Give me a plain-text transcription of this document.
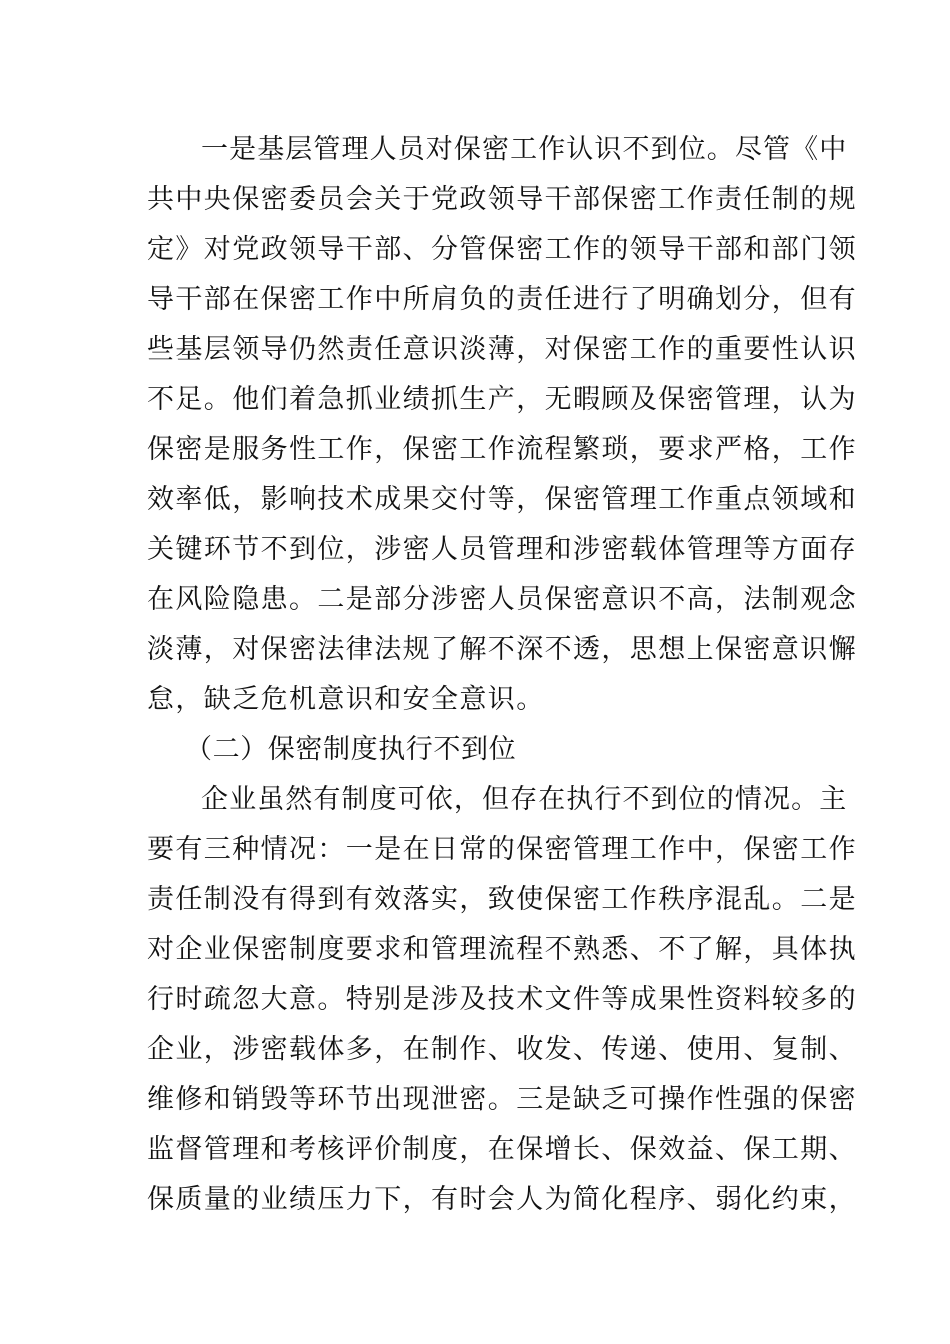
一是基层管理人员对保密工作认识不到位。尽管《中
共中央保密委员会关于党政领导干部保密工作责任制的规
定》对党政领导干部、分管保密工作的领导干部和部门领
导干部在保密工作中所肩负的责任进行了明确划分，但有
些基层领导仍然责任意识淡薄，对保密工作的重要性认识
不足。他们着急抓业绩抓生产，无暇顾及保密管理，认为
保密是服务性工作，保密工作流程繁琐，要求严格，工作
效率低，影响技术成果交付等，保密管理工作重点领域和
关键环节不到位，涉密人员管理和涉密载体管理等方面存
在风险隐患。二是部分涉密人员保密意识不高，法制观念
淡薄，对保密法律法规了解不深不透，思想上保密意识懈
怠，缺乏危机意识和安全意识。
（二）保密制度执行不到位
企业虽然有制度可依，但存在执行不到位的情况。主
要有三种情况：一是在日常的保密管理工作中，保密工作
责任制没有得到有效落实，致使保密工作秩序混乱。二是
对企业保密制度要求和管理流程不熟悉、不了解，具体执
行时疏忽大意。特别是涉及技术文件等成果性资料较多的
企业，涉密载体多，在制作、收发、传递、使用、复制、
维修和销毁等环节出现泄密。三是缺乏可操作性强的保密
监督管理和考核评价制度，在保增长、保效益、保工期、
保质量的业绩压力下，有时会人为简化程序、弱化约束，
